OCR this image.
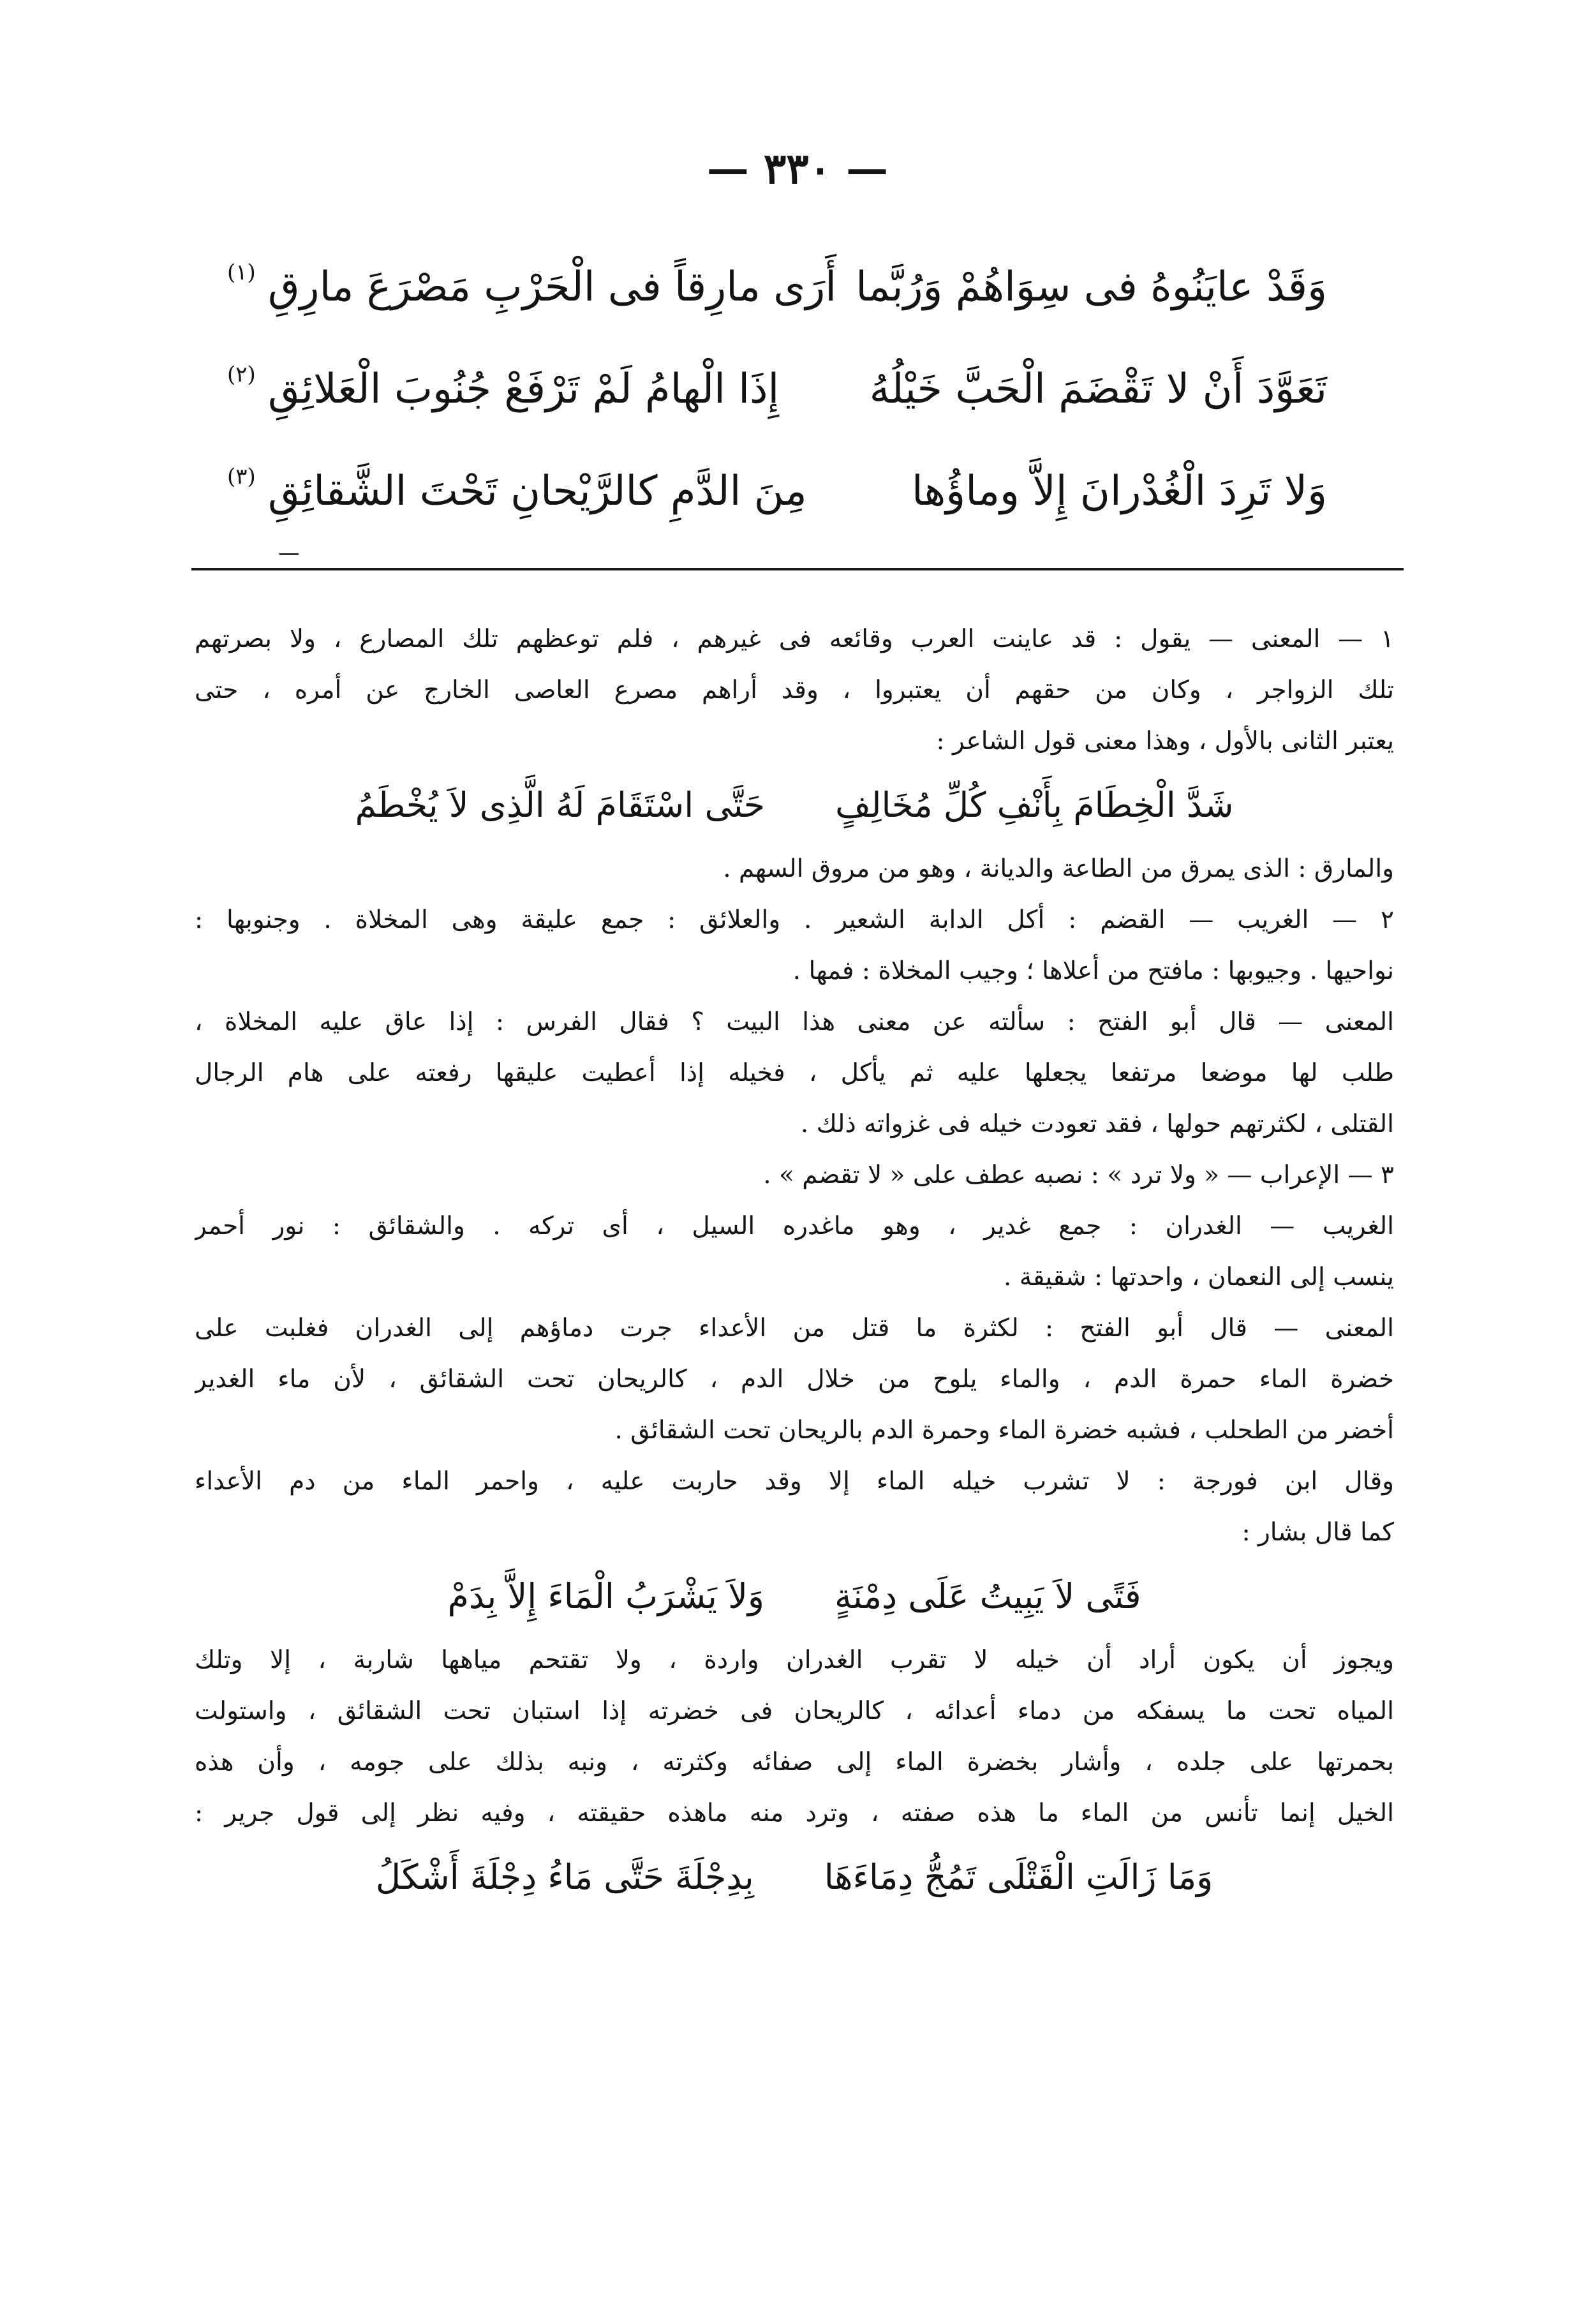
— ٣٣٠ —
وَقَدْ عايَنُوهُ فى سِوَاهُمْ وَرُبَّما
أَرَى مارِقاً فى الْحَرْبِ مَصْرَعَ مارِقِ
(١)
تَعَوَّدَ أَنْ لا تَقْضَمَ الْحَبَّ خَيْلُهُ
إِذَا الْهامُ لَمْ تَرْفَعْ جُنُوبَ الْعَلائِقِ
(٢)
وَلا تَرِدَ الْغُدْرانَ إِلاَّ وماؤُها
مِنَ الدَّمِ كالرَّيْحانِ تَحْتَ الشَّقائِقِ
(٣)
١ — المعنى — يقول : قد عاينت العرب وقائعه فى غيرهم ، فلم توعظهم تلك المصارع ، ولا بصرتهم
تلك الزواجر ، وكان من حقهم أن يعتبروا ، وقد أراهم مصرع العاصى الخارج عن أمره ، حتى
يعتبر الثانى بالأول ، وهذا معنى قول الشاعر :
شَدَّ الْخِطَامَ بِأَنْفِ كُلِّ مُخَالِفٍحَتَّى اسْتَقَامَ لَهُ الَّذِى لاَ يُخْطَمُ
والمارق : الذى يمرق من الطاعة والديانة ، وهو من مروق السهم .
٢ — الغريب — القضم : أكل الدابة الشعير . والعلائق : جمع عليقة وهى المخلاة . وجنوبها :
نواحيها . وجيوبها : مافتح من أعلاها ؛ وجيب المخلاة : فمها .
المعنى — قال أبو الفتح : سألته عن معنى هذا البيت ؟ فقال الفرس : إذا عاق عليه المخلاة ،
طلب لها موضعا مرتفعا يجعلها عليه ثم يأكل ، فخيله إذا أعطيت عليقها رفعته على هام الرجال
القتلى ، لكثرتهم حولها ، فقد تعودت خيله فى غزواته ذلك .
٣ — الإعراب — « ولا ترد » : نصبه عطف على « لا تقضم » .
الغريب — الغدران : جمع غدير ، وهو ماغدره السيل ، أى تركه . والشقائق : نور أحمر
ينسب إلى النعمان ، واحدتها : شقيقة .
المعنى — قال أبو الفتح : لكثرة ما قتل من الأعداء جرت دماؤهم إلى الغدران فغلبت على
خضرة الماء حمرة الدم ، والماء يلوح من خلال الدم ، كالريحان تحت الشقائق ، لأن ماء الغدير
أخضر من الطحلب ، فشبه خضرة الماء وحمرة الدم بالريحان تحت الشقائق .
وقال ابن فورجة : لا تشرب خيله الماء إلا وقد حاربت عليه ، واحمر الماء من دم الأعداء
كما قال بشار :
فَتًى لاَ يَبِيتُ عَلَى دِمْنَةٍوَلاَ يَشْرَبُ الْمَاءَ إِلاَّ بِدَمْ
ويجوز أن يكون أراد أن خيله لا تقرب الغدران واردة ، ولا تقتحم مياهها شاربة ، إلا وتلك
المياه تحت ما يسفكه من دماء أعدائه ، كالريحان فى خضرته إذا استبان تحت الشقائق ، واستولت
بحمرتها على جلده ، وأشار بخضرة الماء إلى صفائه وكثرته ، ونبه بذلك على جومه ، وأن هذه
الخيل إنما تأنس من الماء ما هذه صفته ، وترد منه ماهذه حقيقته ، وفيه نظر إلى قول جرير :
وَمَا زَالَتِ الْقَتْلَى تَمُجُّ دِمَاءَهَابِدِجْلَةَ حَتَّى مَاءُ دِجْلَةَ أَشْكَلُ
